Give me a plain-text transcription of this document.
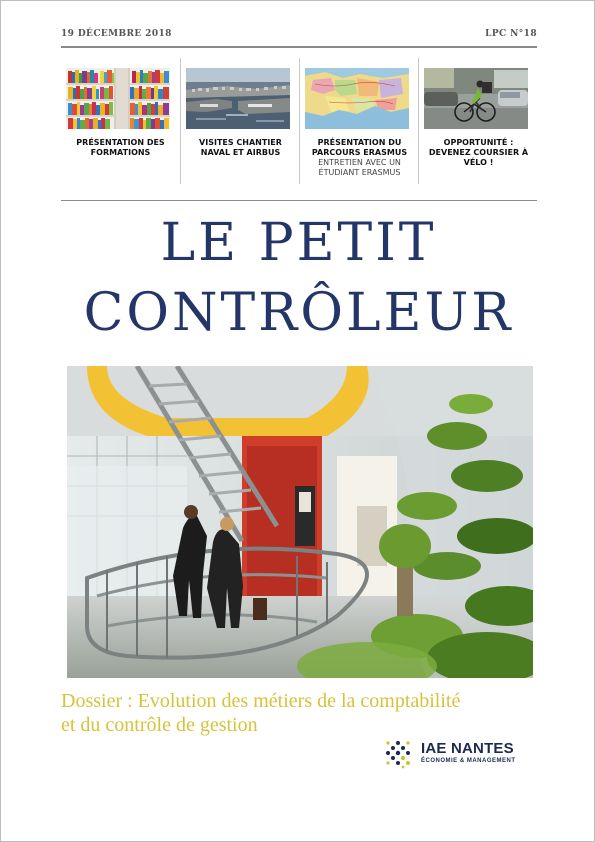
19 DÉCEMBRE 2018	LPC N°18
PRÉSENTATION DES FORMATIONS
VISITES CHANTIER NAVAL ET AIRBUS
PRÉSENTATION DU PARCOURS ERASMUS
ENTRETIEN AVEC UN ÉTUDIANT ERASMUS
OPPORTUNITÉ : DEVENEZ COURSIER À VÉLO !
LE PETIT
CONTRÔLEUR
Dossier : Evolution des métiers de la comptabilité
et du contrôle de gestion
IAE NANTES
ÉCONOMIE & MANAGEMENT
